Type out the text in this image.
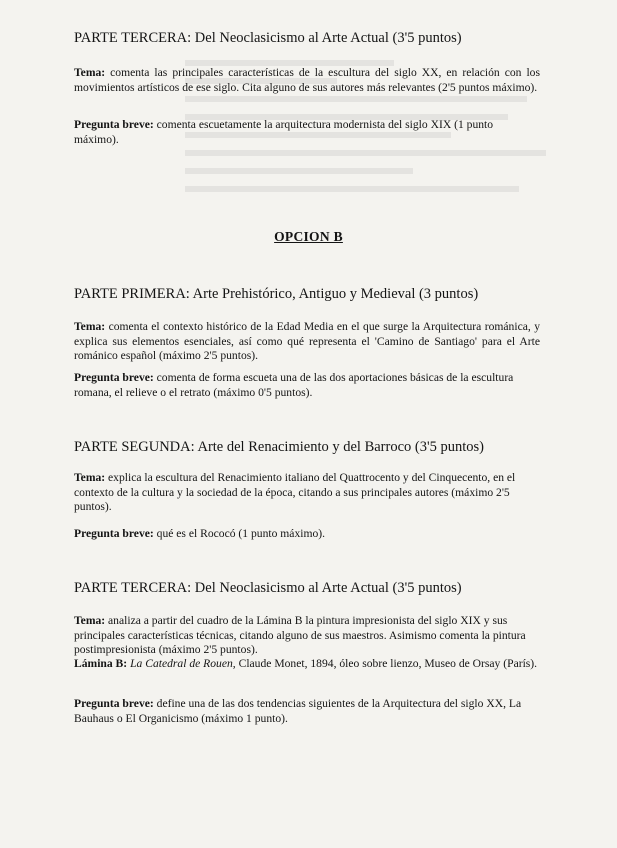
PARTE TERCERA: Del Neoclasicismo al Arte Actual (3'5 puntos)
Tema: comenta las principales características de la escultura del siglo XX, en relación con los movimientos artísticos de ese siglo. Cita alguno de sus autores más relevantes (2'5 puntos máximo).
Pregunta breve: comenta escuetamente la arquitectura modernista del siglo XIX (1 punto máximo).
OPCION B
PARTE PRIMERA: Arte Prehistórico, Antiguo y Medieval (3 puntos)
Tema: comenta el contexto histórico de la Edad Media en el que surge la Arquitectura románica, y explica sus elementos esenciales, así como qué representa el 'Camino de Santiago' para el Arte románico español (máximo 2'5 puntos).
Pregunta breve: comenta de forma escueta una de las dos aportaciones básicas de la escultura romana, el relieve o el retrato (máximo 0'5 puntos).
PARTE SEGUNDA: Arte del Renacimiento y del Barroco (3'5 puntos)
Tema: explica la escultura del Renacimiento italiano del Quattrocento y del Cinquecento, en el contexto de la cultura y la sociedad de la época, citando a sus principales autores (máximo 2'5 puntos).
Pregunta breve: qué es el Rococó (1 punto máximo).
PARTE TERCERA: Del Neoclasicismo al Arte Actual (3'5 puntos)
Tema: analiza a partir del cuadro de la Lámina B la pintura impresionista del siglo XIX y sus principales características técnicas, citando alguno de sus maestros. Asimismo comenta la pintura postimpresionista (máximo 2'5 puntos).
Lámina B: La Catedral de Rouen, Claude Monet, 1894, óleo sobre lienzo, Museo de Orsay (París).
Pregunta breve: define una de las dos tendencias siguientes de la Arquitectura del siglo XX, La Bauhaus o El Organicismo (máximo 1 punto).
